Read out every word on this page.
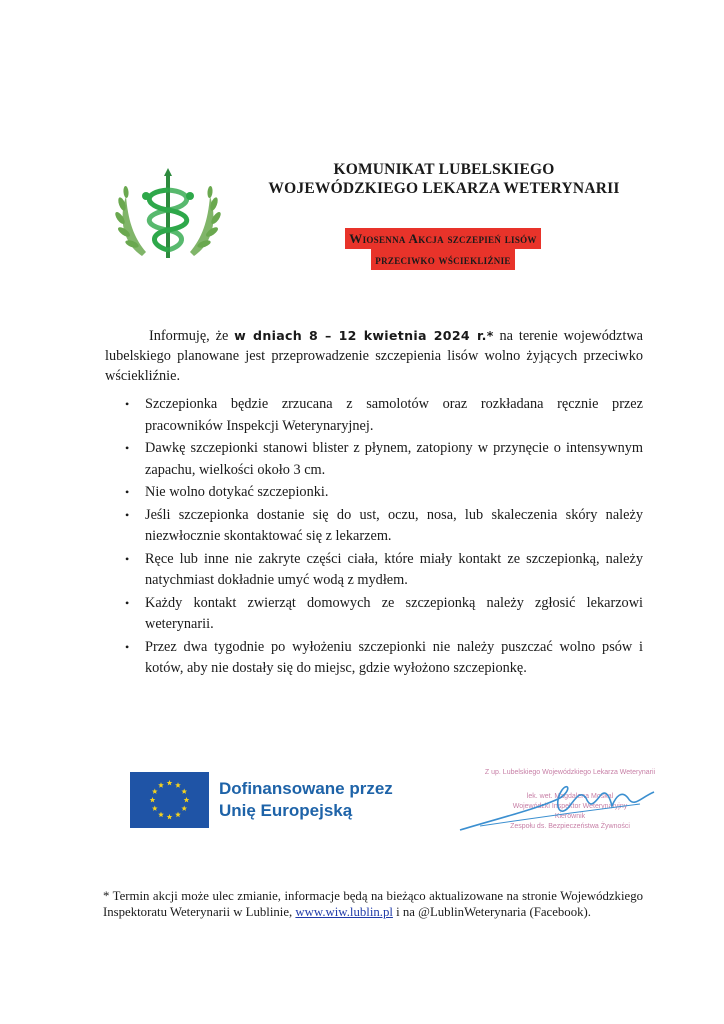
KOMUNIKAT LUBELSKIEGO
WOJEWÓDZKIEGO LEKARZA WETERYNARII
Wiosenna Akcja szczepień lisów
przeciwko wściekliźnie

Informuję, że w dniach 8 – 12 kwietnia 2024 r.* na terenie województwa lubelskiego planowane jest przeprowadzenie szczepienia lisów wolno żyjących przeciwko wściekliźnie.

• Szczepionka będzie zrzucana z samolotów oraz rozkładana ręcznie przez pracowników Inspekcji Weterynaryjnej.
• Dawkę szczepionki stanowi blister z płynem, zatopiony w przynęcie o intensywnym zapachu, wielkości około 3 cm.
• Nie wolno dotykać szczepionki.
• Jeśli szczepionka dostanie się do ust, oczu, nosa, lub skaleczenia skóry należy niezwłocznie skontaktować się z lekarzem.
• Ręce lub inne nie zakryte części ciała, które miały kontakt ze szczepionką, należy natychmiast dokładnie umyć wodą z mydłem.
• Każdy kontakt zwierząt domowych ze szczepionką należy zgłosić lekarzowi weterynarii.
• Przez dwa tygodnie po wyłożeniu szczepionki nie należy puszczać wolno psów i kotów, aby nie dostały się do miejsc, gdzie wyłożono szczepionkę.
Dofinansowane przez
Unię Europejską
Z up. Lubelskiego Wojewódzkiego Lekarza Weterynarii
lek. wet. Magdalena Moskal
Wojewódzki Inspektor Weterynaryjny
Kierownik
Zespołu ds. Bezpieczeństwa Żywności

* Termin akcji może ulec zmianie, informacje będą na bieżąco aktualizowane na stronie Wojewódzkiego Inspektoratu Weterynarii w Lublinie, www.wiw.lublin.pl i na @LublinWeterynaria (Facebook).
